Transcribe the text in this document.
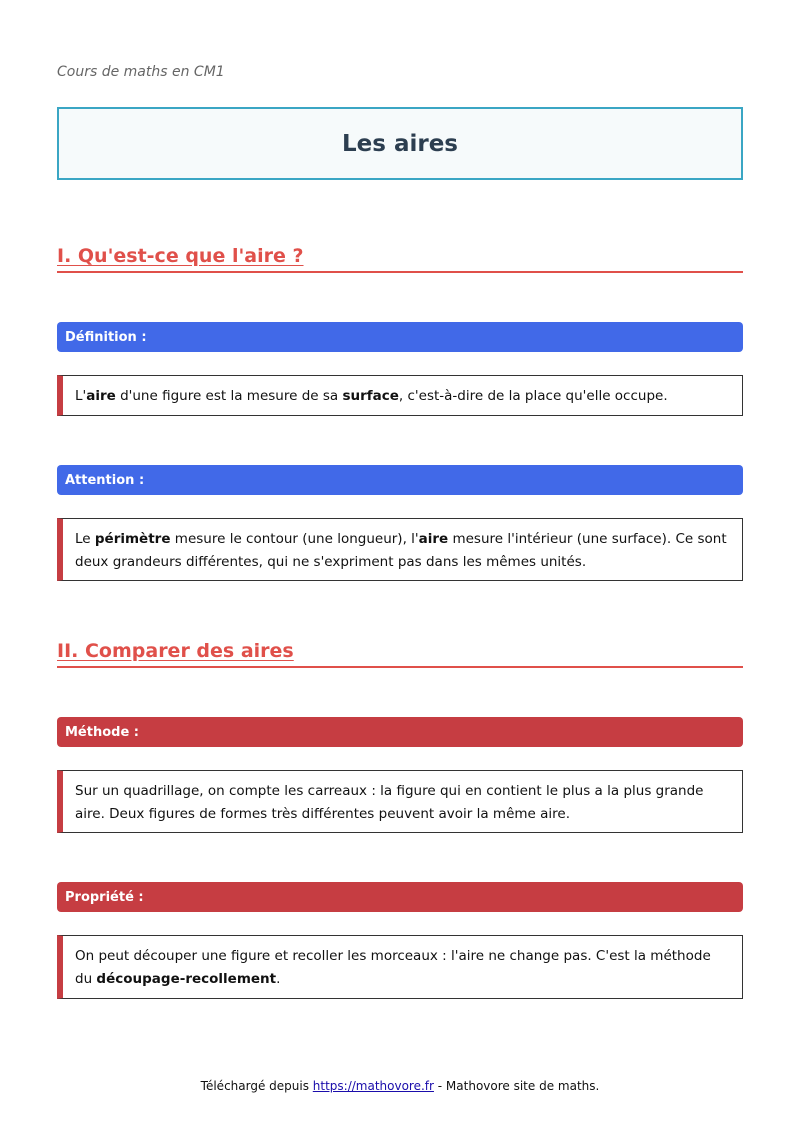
Cours de maths en CM1
Les aires
I. Qu'est-ce que l'aire ?
Définition :
L'aire d'une figure est la mesure de sa surface, c'est-à-dire de la place qu'elle occupe.
Attention :
Le périmètre mesure le contour (une longueur), l'aire mesure l'intérieur (une surface). Ce sont deux grandeurs différentes, qui ne s'expriment pas dans les mêmes unités.
II. Comparer des aires
Méthode :
Sur un quadrillage, on compte les carreaux : la figure qui en contient le plus a la plus grande aire. Deux figures de formes très différentes peuvent avoir la même aire.
Propriété :
On peut découper une figure et recoller les morceaux : l'aire ne change pas. C'est la méthode du découpage-recollement.
Téléchargé depuis https://mathovore.fr - Mathovore site de maths.
